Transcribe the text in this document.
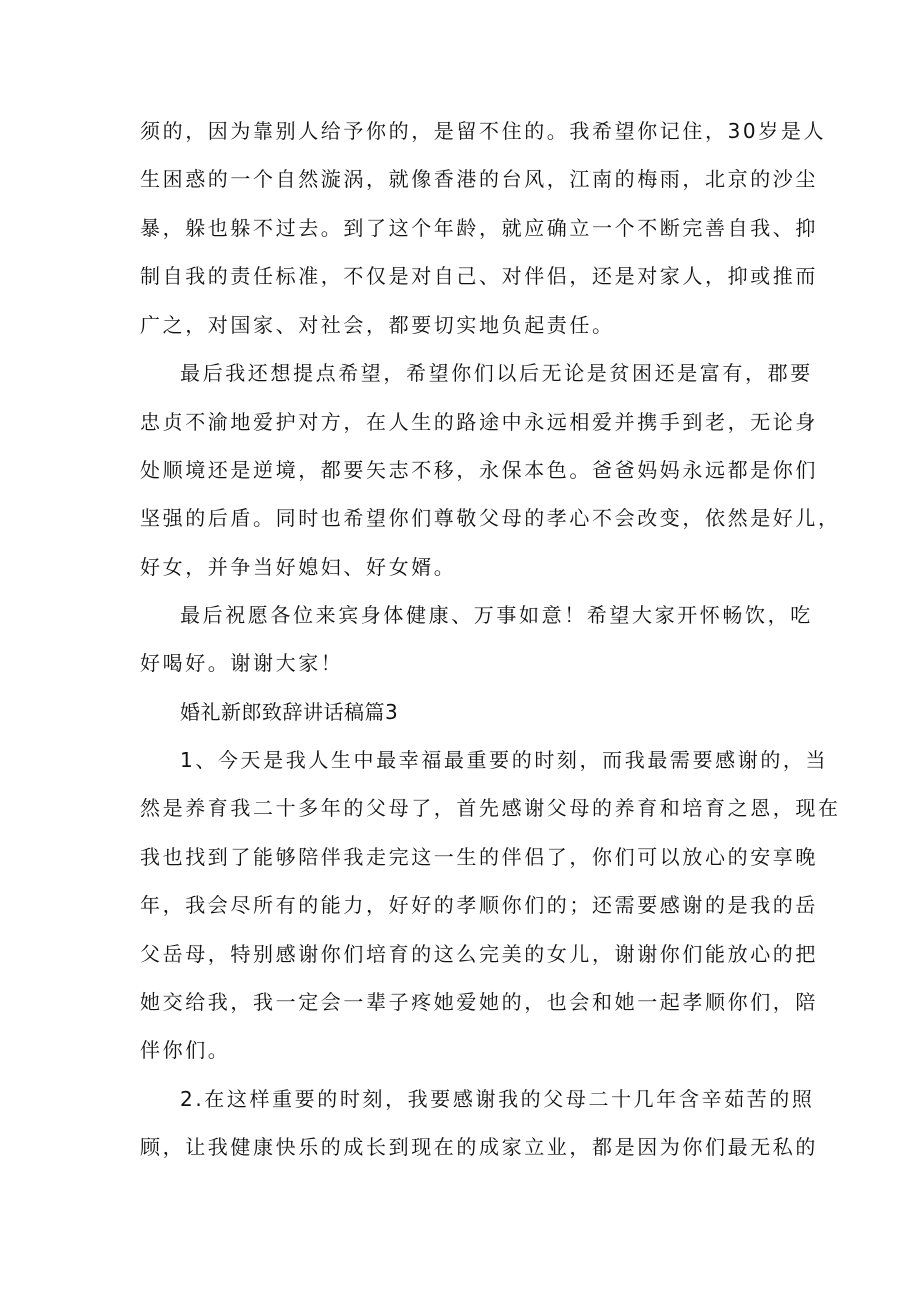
须的，因为靠别人给予你的，是留不住的。我希望你记住，30岁是人
生困惑的一个自然漩涡，就像香港的台风，江南的梅雨，北京的沙尘
暴，躲也躲不过去。到了这个年龄，就应确立一个不断完善自我、抑
制自我的责任标准，不仅是对自己、对伴侣，还是对家人，抑或推而
广之，对国家、对社会，都要切实地负起责任。
最后我还想提点希望，希望你们以后无论是贫困还是富有，郡要
忠贞不渝地爱护对方，在人生的路途中永远相爱并携手到老，无论身
处顺境还是逆境，都要矢志不移，永保本色。爸爸妈妈永远都是你们
坚强的后盾。同时也希望你们尊敬父母的孝心不会改变，依然是好儿，
好女，并争当好媳妇、好女婿。
最后祝愿各位来宾身体健康、万事如意！希望大家开怀畅饮，吃
好喝好。谢谢大家！
婚礼新郎致辞讲话稿篇3
1、今天是我人生中最幸福最重要的时刻，而我最需要感谢的，当
然是养育我二十多年的父母了，首先感谢父母的养育和培育之恩，现在
我也找到了能够陪伴我走完这一生的伴侣了，你们可以放心的安享晚
年，我会尽所有的能力，好好的孝顺你们的；还需要感谢的是我的岳
父岳母，特别感谢你们培育的这么完美的女儿，谢谢你们能放心的把
她交给我，我一定会一辈子疼她爱她的，也会和她一起孝顺你们，陪
伴你们。
2.在这样重要的时刻，我要感谢我的父母二十几年含辛茹苦的照
顾，让我健康快乐的成长到现在的成家立业，都是因为你们最无私的
